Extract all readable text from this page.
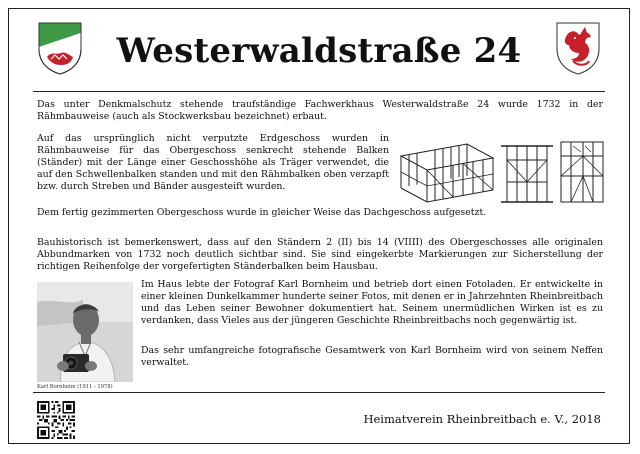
Westerwaldstraße 24

Das unter Denkmalschutz stehende traufständige Fachwerkhaus Westerwaldstraße 24 wurde 1732 in der Rähmbauweise (auch als Stockwerksbau bezeichnet) erbaut.

Auf das ursprünglich nicht verputzte Erdgeschoss wurden in Rähmbauweise für das Obergeschoss senkrecht stehende Balken (Ständer) mit der Länge einer Geschosshöhe als Träger verwendet, die auf den Schwellenbalken standen und mit den Rähmbalken oben verzapft bzw. durch Streben und Bänder ausgesteift wurden.

Dem fertig gezimmerten Obergeschoss wurde in gleicher Weise das Dachgeschoss aufgesetzt.

Bauhistorisch ist bemerkenswert, dass auf den Ständern 2 (II) bis 14 (VIIII) des Obergeschosses alle originalen Abbundmarken von 1732 noch deutlich sichtbar sind. Sie sind eingekerbte Markierungen zur Sicherstellung der richtigen Reihenfolge der vorgefertigten Ständerbalken beim Hausbau.

Karl Bornheim (1911 - 1978)

Im Haus lebte der Fotograf Karl Bornheim und betrieb dort einen Fotoladen. Er entwickelte in einer kleinen Dunkelkammer hunderte seiner Fotos, mit denen er in Jahrzehnten Rheinbreitbach und das Leben seiner Bewohner dokumentiert hat. Seinem unermüdlichen Wirken ist es zu verdanken, dass Vieles aus der jüngeren Geschichte Rheinbreitbachs noch gegenwärtig ist.

Das sehr umfangreiche fotografische Gesamtwerk von Karl Bornheim wird von seinem Neffen verwaltet.

Heimatverein Rheinbreitbach e. V., 2018
